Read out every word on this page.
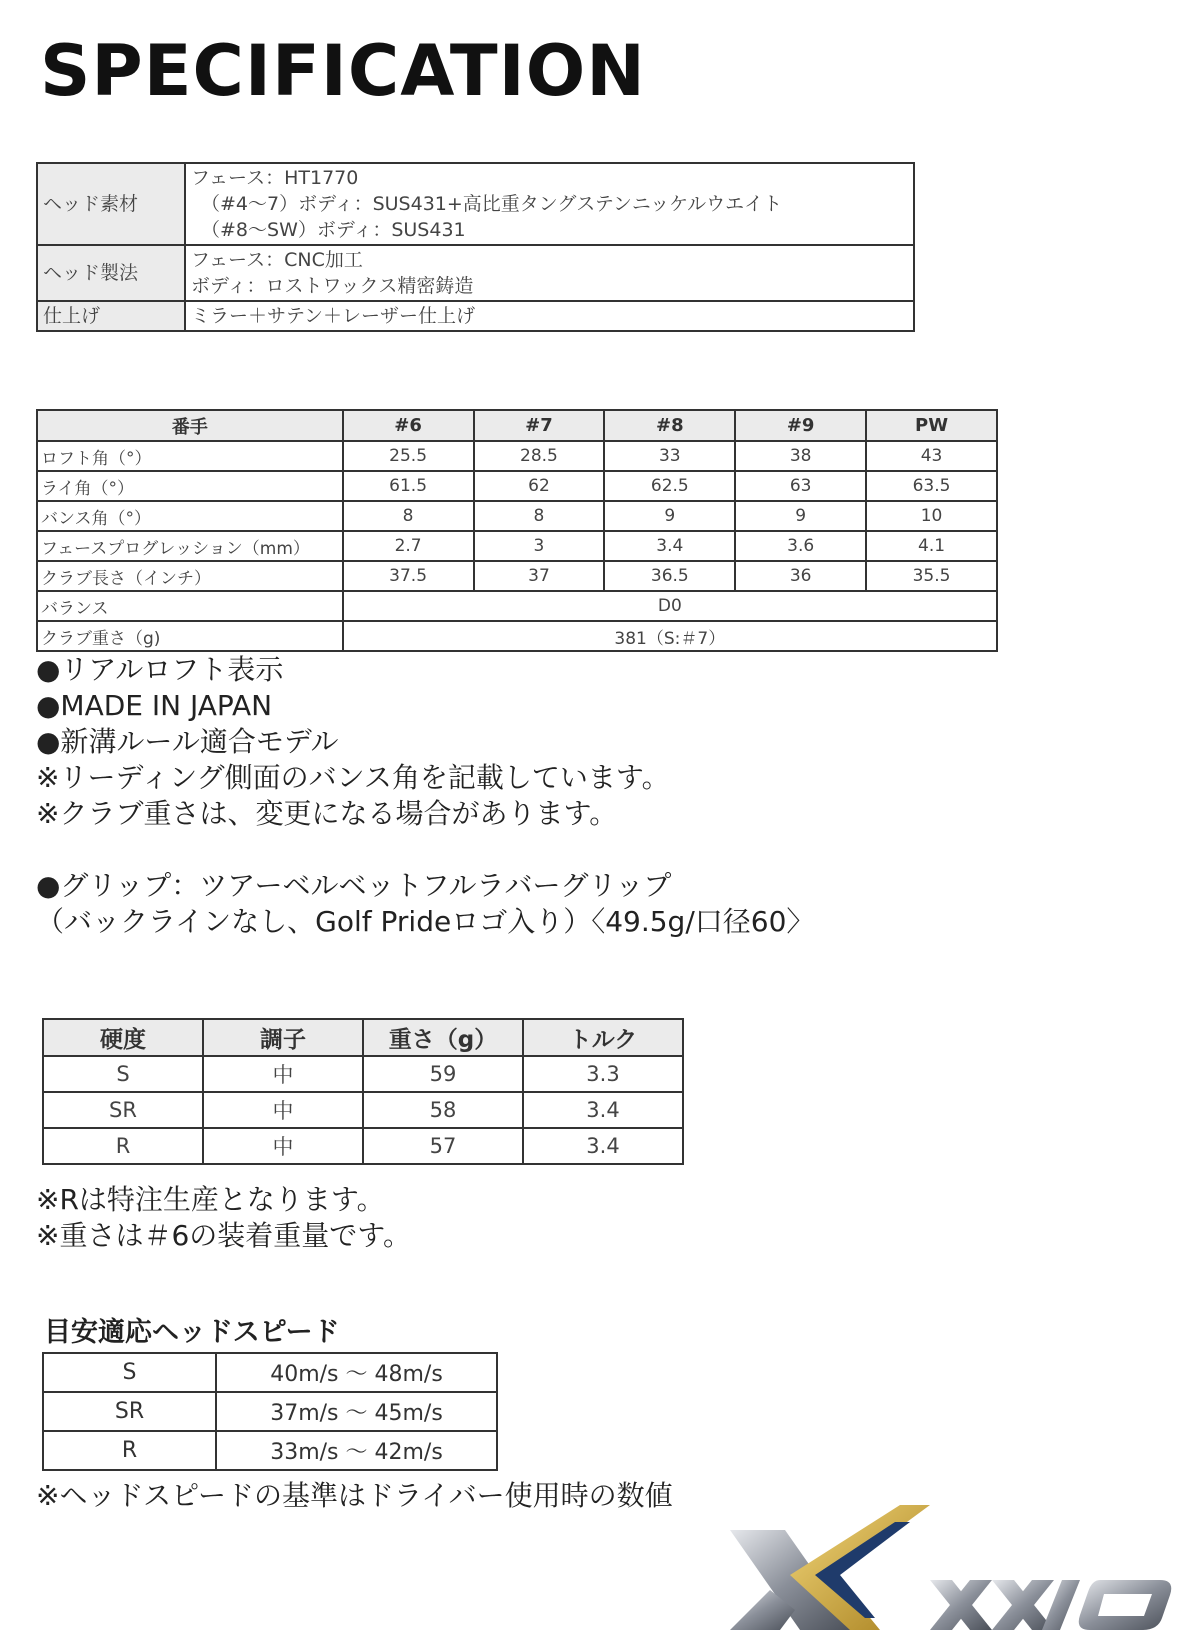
SPECIFICATION
ヘッド素材	フェース：HT1770
（#4～7）ボディ：SUS431+高比重タングステンニッケルウエイト
（#8～SW）ボディ：SUS431

ヘッド製法	フェース：CNC加工
ボディ：ロストワックス精密鋳造

仕上げ	ミラー＋サテン＋レーザー仕上げ
番手	#6	#7	#8	#9	PW
ロフト角（°）	25.5	28.5	33	38	43
ライ角（°）	61.5	62	62.5	63	63.5
バンス角（°）	8	8	9	9	10
フェースプログレッション（mm）	2.7	3	3.4	3.6	4.1
クラブ長さ（インチ）	37.5	37	36.5	36	35.5
バランス	D0				
クラブ重さ（g)	381（S:＃7）				
●リアルロフト表示
●MADE IN JAPAN
●新溝ルール適合モデル
※リーディング側面のバンス角を記載しています。
※クラブ重さは、変更になる場合があります。
●グリップ：ツアーベルベットフルラバーグリップ
（バックラインなし、Golf Prideロゴ入り）〈49.5g/口径60〉
硬度	調子	重さ（g）	トルク
S	中	59	3.3
SR	中	58	3.4
R	中	57	3.4
※Rは特注生産となります。
※重さは＃6の装着重量です。
目安適応ヘッドスピード
S	40m/s ～ 48m/s
SR	37m/s ～ 45m/s
R	33m/s ～ 42m/s
※ヘッドスピードの基準はドライバー使用時の数値
